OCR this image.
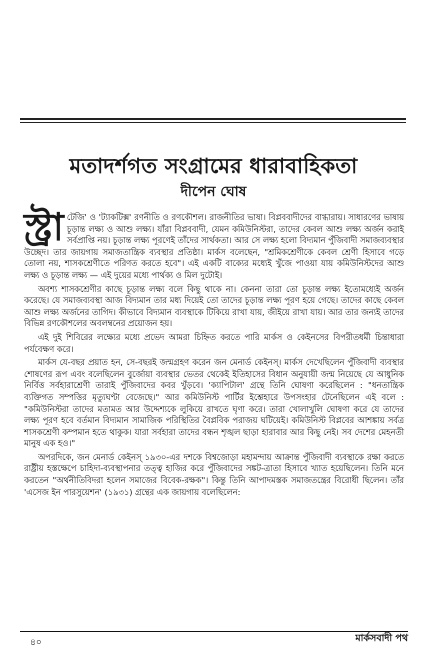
মতাদর্শগত সংগ্রামের ধারাবাহিকতা
দীপেন ঘোষ

স্ট্রা টেজি' ও 'ট্যাকটিক্স' রণনীতি ও রণকৌশল। রাজনীতির ভাষা। বিপ্লববাদীদের বাগ্ধারায়। সাধারণের ভাষায় চূড়ান্ত লক্ষ্য ও আশু লক্ষ্য। যাঁরা বিপ্লববাদী, যেমন কমিউনিস্টরা, তাদের কেবল আশু লক্ষ্য অর্জন করাই সর্বপ্রাপ্তি নয়। চূড়ান্ত লক্ষ্য পূরণেই তাঁদের সার্থকতা। আর সে লক্ষ্য হলো বিদ্যমান পুঁজিবাদী সমাজব্যবস্থার উচ্ছেদ। তার জায়গায় সমাজতান্ত্রিক ব্যবস্থার প্রতিষ্ঠা। মার্কস বলেছেন, "শ্রমিকশ্রেণীকে কেবল শ্রেণী হিসাবে গড়ে তোলা নয়, শাসকশ্রেণীতে পরিণত করতে হবে"। এই একটি বাক্যের মধ্যেই খুঁজে পাওয়া যায় কমিউনিস্টদের আশু লক্ষ্য ও চূড়ান্ত লক্ষ্য — এই দুয়ের মধ্যে পার্থক্য ও মিল দুটোই।

অবশ্য শাসকশ্রেণীর কাছে চূড়ান্ত লক্ষ্য বলে কিছু থাকে না। কেননা তারা তো চূড়ান্ত লক্ষ্য ইতোমধ্যেই অর্জন করেছে। যে সমাজব্যবস্থা আজ বিদ্যমান তার মধ্য দিয়েই তো তাদের চূড়ান্ত লক্ষ্য পূরণ হয়ে গেছে। তাদের কাছে কেবল আশু লক্ষ্য অর্জনের তাগিদ। কীভাবে বিদ্যমান ব্যবস্থাকে টিকিয়ে রাখা যায়, জীইয়ে রাখা যায়। আর তার জন্যই তাদের বিভিন্ন রণকৌশলের অবলম্বনের প্রয়োজন হয়।

এই দুই শিবিরের লক্ষ্যের মধ্যে প্রভেদ আমরা চিহ্নিত করতে পারি মার্কস ও কেইনসের বিপরীতধর্মী চিন্তাধারা পর্যবেক্ষণ করে।

মার্কস যে-বছর প্রয়াত হন, সে-বছরই জন্মগ্রহণ করেন জন মেনার্ড কেইনস্। মার্কস দেখেছিলেন পুঁজিবাদী ব্যবস্থার শোষণের রূপ এবং বলেছিলেন বুর্জোয়া ব্যবস্থার ভেতর থেকেই ইতিহাসের বিধান অনুযায়ী জন্ম নিয়েছে যে আধুনিক নির্বিত্ত সর্বহারাশ্রেণী তারাই পুঁজিবাদের কবর খুঁড়বে। 'ক্যাপিটাল' গ্রন্থে তিনি ঘোষণা করেছিলেন : "ধনতান্ত্রিক ব্যক্তিগত সম্পত্তির মৃত্যুঘণ্টা বেজেছে।" আর কমিউনিস্ট পার্টির ইশ্তেহারে উপসংহার টেনেছিলেন এই বলে : "কমিউনিস্টরা তাদের মতামত আর উদ্দেশ্যকে লুকিয়ে রাখতে ঘৃণা করে। তারা খোলাখুলি ঘোষণা করে যে তাদের লক্ষ্য পূরণ হবে বর্তমান বিদ্যমান সামাজিক পরিস্থিতির বৈপ্লবিক পরাজয় ঘটিয়েই। কমিউনিস্ট বিপ্লবের আশঙ্কায় সর্বত্র শাসকশ্রেণী কম্পমান হতে থাকুক। যারা সর্বহারা তাদের বন্ধন শৃঙ্খল ছাড়া হারাবার আর কিছু নেই। সব দেশের মেহনতী মানুষ এক হও।"

অপরদিকে, জন মেনার্ড কেইনস্ ১৯৩০-এর দশকে বিশ্বজোড়া মহামন্দায় আক্রান্ত পুঁজিবাদী ব্যবস্থাকে রক্ষা করতে রাষ্ট্রীয় হস্তক্ষেপে চাহিদা-ব্যবস্থাপনার তত্ত্ব হাজির করে পুঁজিবাদের সঙ্কট-ত্রাতা হিসাবে খ্যাত হয়েছিলেন। তিনি মনে করতেন "অর্থনীতিবিদরা হলেন সমাজের বিবেক-রক্ষক"। কিন্তু তিনি আপাদমস্তক সমাজতন্ত্রের বিরোধী ছিলেন। তাঁর 'এসেজ ইন পারসুয়েশন' (১৯৩১) গ্রন্থের এক জায়গায় বলেছিলেন:

৪০	মার্কসবাদী পথ
